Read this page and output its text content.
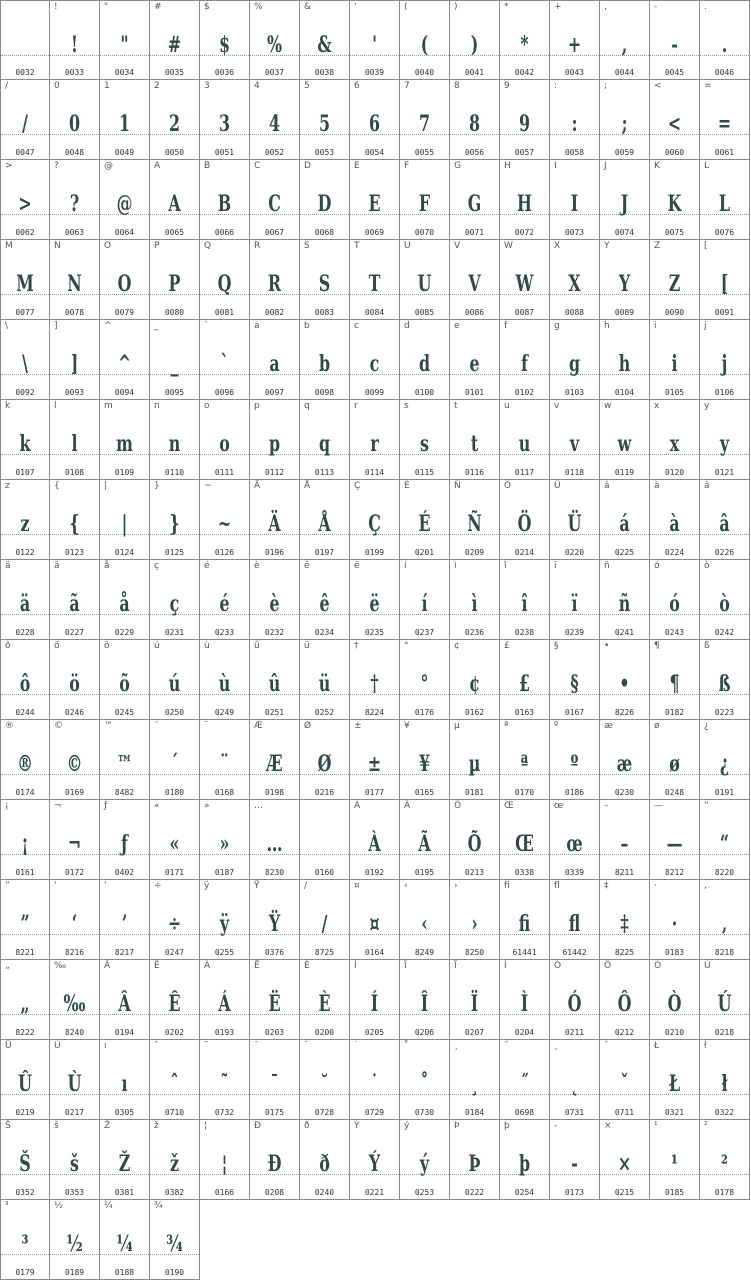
0032
!
!
0033
"
"
0034
#
#
0035
$
$
0036
%
%
0037
&
&
0038
'
'
0039
(
(
0040
)
)
0041
*
*
0042
+
+
0043
,
,
0044
-
-
0045
.
.
0046
/
/
0047
0
0
0048
1
1
0049
2
2
0050
3
3
0051
4
4
0052
5
5
0053
6
6
0054
7
7
0055
8
8
0056
9
9
0057
:
:
0058
;
;
0059
<
<
0060
=
=
0061
>
>
0062
?
?
0063
@
@
0064
A
A
0065
B
B
0066
C
C
0067
D
D
0068
E
E
0069
F
F
0070
G
G
0071
H
H
0072
I
I
0073
J
J
0074
K
K
0075
L
L
0076
M
M
0077
N
N
0078
O
O
0079
P
P
0080
Q
Q
0081
R
R
0082
S
S
0083
T
T
0084
U
U
0085
V
V
0086
W
W
0087
X
X
0088
Y
Y
0089
Z
Z
0090
[
[
0091
\
\
0092
]
]
0093
^
^
0094
_
_
0095
`
`
0096
a
a
0097
b
b
0098
c
c
0099
d
d
0100
e
e
0101
f
f
0102
g
g
0103
h
h
0104
i
i
0105
j
j
0106
k
k
0107
l
l
0108
m
m
0109
n
n
0110
o
o
0111
p
p
0112
q
q
0113
r
r
0114
s
s
0115
t
t
0116
u
u
0117
v
v
0118
w
w
0119
x
x
0120
y
y
0121
z
z
0122
{
{
0123
|
|
0124
}
}
0125
~
~
0126
Ä
Ä
0196
Å
Å
0197
Ç
Ç
0199
É
É
0201
Ñ
Ñ
0209
Ö
Ö
0214
Ü
Ü
0220
á
á
0225
à
à
0224
â
â
0226
ä
ä
0228
ã
ã
0227
å
å
0229
ç
ç
0231
é
é
0233
è
è
0232
ê
ê
0234
ë
ë
0235
í
í
0237
ì
ì
0236
î
î
0238
ï
ï
0239
ñ
ñ
0241
ó
ó
0243
ò
ò
0242
ô
ô
0244
ö
ö
0246
õ
õ
0245
ú
ú
0250
ù
ù
0249
û
û
0251
ü
ü
0252
†
†
8224
°
°
0176
¢
¢
0162
£
£
0163
§
§
0167
•
•
8226
¶
¶
0182
ß
ß
0223
®
®
0174
©
©
0169
™
™
8482
´
´
0180
¨
¨
0168
Æ
Æ
0198
Ø
Ø
0216
±
±
0177
¥
¥
0165
µ
µ
0181
ª
ª
0170
º
º
0186
æ
æ
0230
ø
ø
0248
¿
¿
0191
¡
¡
0161
¬
¬
0172
ƒ
ƒ
0402
«
«
0171
»
»
0187
…
…
8230	0160
À
À
0192
Ã
Ã
0195
Õ
Õ
0213
Œ
Œ
0338
œ
œ
0339
–
–
8211
—
—
8212
“
“
8220
”
”
8221
‘
‘
8216
’
’
8217
÷
÷
0247
ÿ
ÿ
0255
Ÿ
Ÿ
0376
∕
∕
8725
¤
¤
0164
‹
‹
8249
›
›
8250
ﬁ
ﬁ
61441
ﬂ
ﬂ
61442
‡
‡
8225
·
·
0183
‚
‚
8218
„
„
8222
‰
‰
8240
Â
Â
0194
Ê
Ê
0202
Á
Á
0193
Ë
Ë
0203
È
È
0200
Í
Í
0205
Î
Î
0206
Ï
Ï
0207
Ì
Ì
0204
Ó
Ó
0211
Ô
Ô
0212
Ò
Ò
0210
Ú
Ú
0218
Û
Û
0219
Ù
Ù
0217
ı
ı
0305
ˆ
ˆ
0710
˜
˜
0732
¯
¯
0175
˘
˘
0728
˙
˙
0729
˚
˚
0730
¸
¸
0184
˝
˝
0698
˛
˛
0731
ˇ
ˇ
0711
Ł
Ł
0321
ł
ł
0322
Š
Š
0352
š
š
0353
Ž
Ž
0381
ž
ž
0382
¦
¦
0166
Ð
Ð
0208
ð
ð
0240
Ý
Ý
0221
ý
ý
0253
Þ
Þ
0222
þ
þ
0254
-
-
0173
×
×
0215
¹
¹
0185
²
²
0178
³
³
0179
½
½
0189
¼
¼
0188
¾
¾
0190
